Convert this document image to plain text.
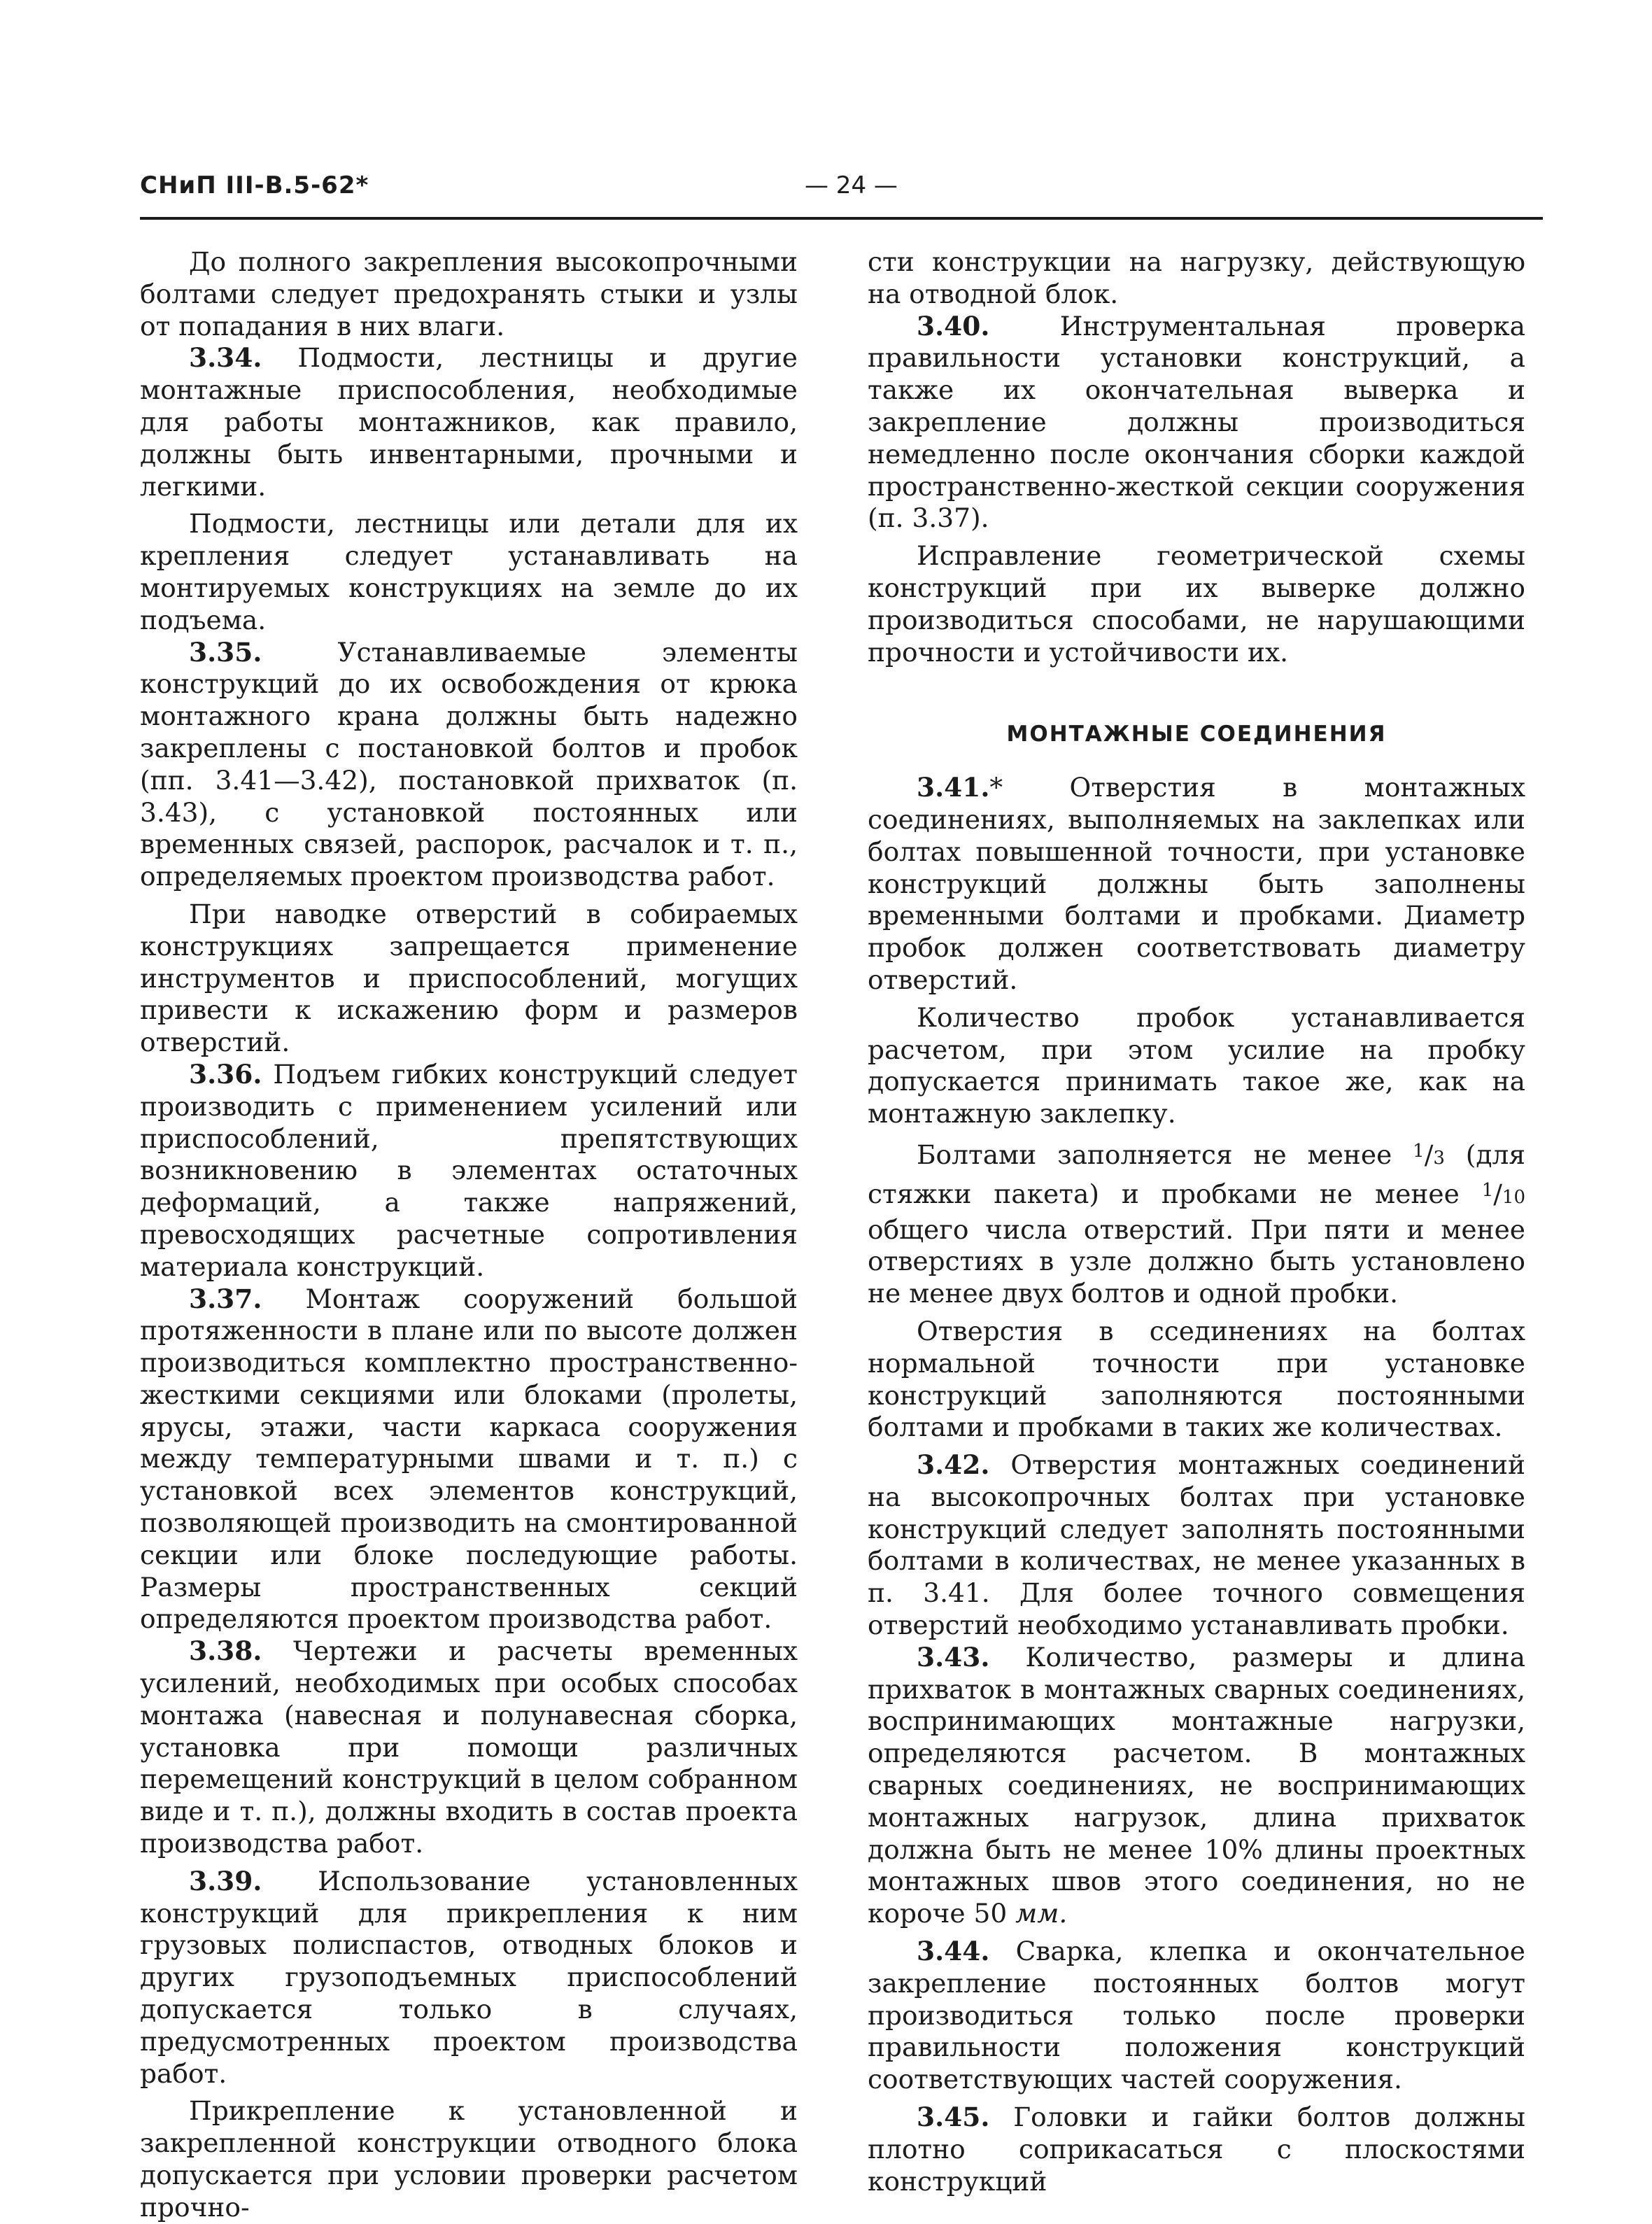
СНиП III-В.5-62*	— 24 —

До полного закрепления высокопрочными болтами следует предохранять стыки и узлы от попадания в них влаги.

3.34. Подмости, лестницы и другие монтажные приспособления, необходимые для работы монтажников, как правило, должны быть инвентарными, прочными и легкими.

Подмости, лестницы или детали для их крепления следует устанавливать на монтируемых конструкциях на земле до их подъема.

3.35. Устанавливаемые элементы конструкций до их освобождения от крюка монтажного крана должны быть надежно закреплены с постановкой болтов и пробок (пп. 3.41—3.42), постановкой прихваток (п. 3.43), с установкой постоянных или временных связей, распорок, расчалок и т. п., определяемых проектом производства работ.

При наводке отверстий в собираемых конструкциях запрещается применение инструментов и приспособлений, могущих привести к искажению форм и размеров отверстий.

3.36. Подъем гибких конструкций следует производить с применением усилений или приспособлений, препятствующих возникновению в элементах остаточных деформаций, а также напряжений, превосходящих расчетные сопротивления материала конструкций.

3.37. Монтаж сооружений большой протяженности в плане или по высоте должен производиться комплектно пространственно-жесткими секциями или блоками (пролеты, ярусы, этажи, части каркаса сооружения между температурными швами и т. п.) с установкой всех элементов конструкций, позволяющей производить на смонтированной секции или блоке последующие работы. Размеры пространственных секций определяются проектом производства работ.

3.38. Чертежи и расчеты временных усилений, необходимых при особых способах монтажа (навесная и полунавесная сборка, установка при помощи различных перемещений конструкций в целом собранном виде и т. п.), должны входить в состав проекта производства работ.

3.39. Использование установленных конструкций для прикрепления к ним грузовых полиспастов, отводных блоков и других грузоподъемных приспособлений допускается только в случаях, предусмотренных проектом производства работ.

Прикрепление к установленной и закрепленной конструкции отводного блока допускается при условии проверки расчетом прочно-

сти конструкции на нагрузку, действующую на отводной блок.

3.40. Инструментальная проверка правильности установки конструкций, а также их окончательная выверка и закрепление должны производиться немедленно после окончания сборки каждой пространственно-жесткой секции сооружения (п. 3.37).

Исправление геометрической схемы конструкций при их выверке должно производиться способами, не нарушающими прочности и устойчивости их.

МОНТАЖНЫЕ СОЕДИНЕНИЯ

3.41.* Отверстия в монтажных соединениях, выполняемых на заклепках или болтах повышенной точности, при установке конструкций должны быть заполнены временными болтами и пробками. Диаметр пробок должен соответствовать диаметру отверстий.

Количество пробок устанавливается расчетом, при этом усилие на пробку допускается принимать такое же, как на монтажную заклепку.

Болтами заполняется не менее $^1$/3 (для стяжки пакета) и пробками не менее $^1$/10 общего числа отверстий. При пяти и менее отверстиях в узле должно быть установлено не менее двух болтов и одной пробки.

Отверстия в ссединениях на болтах нормальной точности при установке конструкций заполняются постоянными болтами и пробками в таких же количествах.

3.42. Отверстия монтажных соединений на высокопрочных болтах при установке конструкций следует заполнять постоянными болтами в количествах, не менее указанных в п. 3.41. Для более точного совмещения отверстий необходимо устанавливать пробки.

3.43. Количество, размеры и длина прихваток в монтажных сварных соединениях, воспринимающих монтажные нагрузки, определяются расчетом. В монтажных сварных соединениях, не воспринимающих монтажных нагрузок, длина прихваток должна быть не менее 10% длины проектных монтажных швов этого соединения, но не короче 50 мм.

3.44. Сварка, клепка и окончательное закрепление постоянных болтов могут производиться только после проверки правильности положения конструкций соответствующих частей сооружения.

3.45. Головки и гайки болтов должны плотно соприкасаться с плоскостями конструкций
